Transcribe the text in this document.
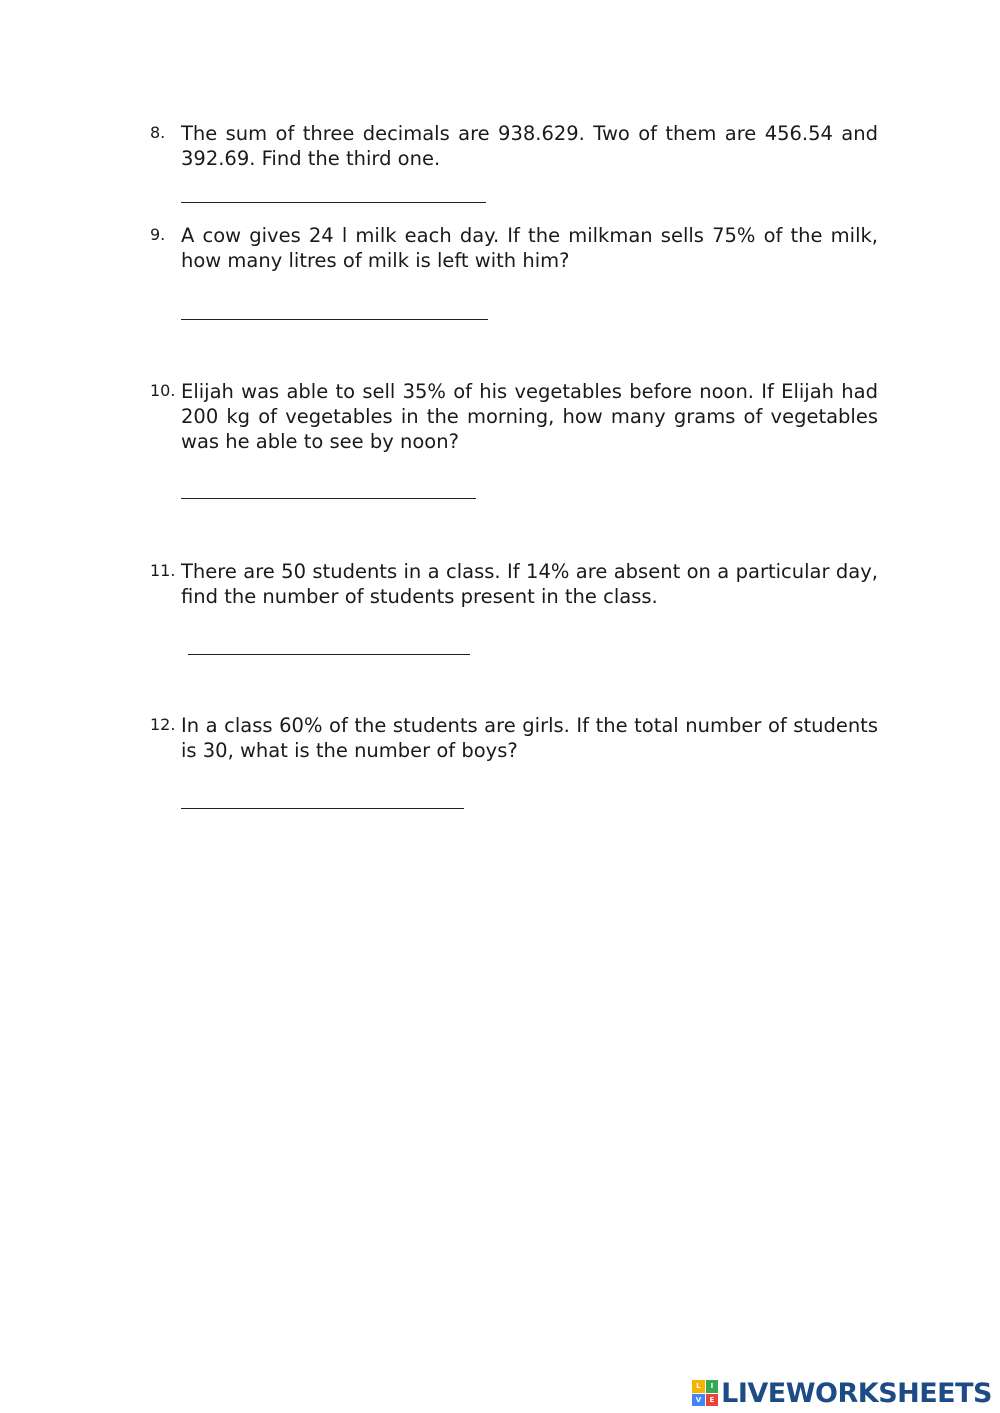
8. The sum of three decimals are 938.629. Two of them are 456.54 and 392.69. Find the third one.
9. A cow gives 24 l milk each day. If the milkman sells 75% of the milk, how many litres of milk is left with him?
10. Elijah was able to sell 35% of his vegetables before noon. If Elijah had 200 kg of vegetables in the morning, how many grams of vegetables was he able to see by noon?
11. There are 50 students in a class. If 14% are absent on a particular day, find the number of students present in the class.
12. In a class 60% of the students are girls. If the total number of students is 30, what is the number of boys?
L	I
V	E LIVEWORKSHEETS
